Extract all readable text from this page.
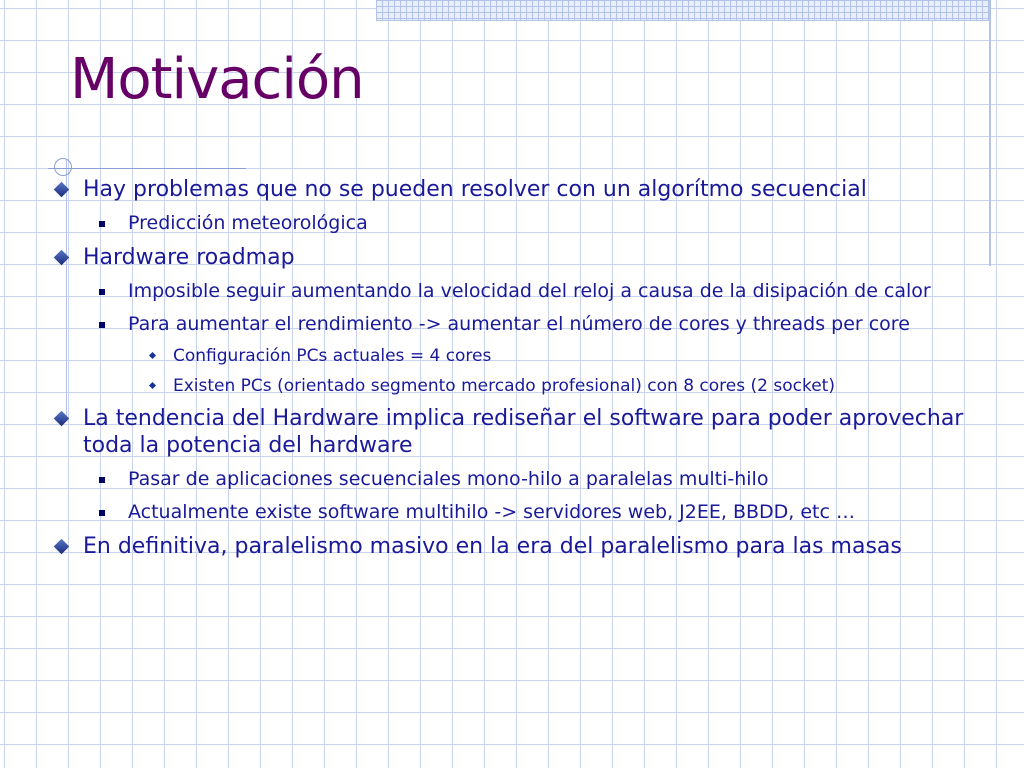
Motivación
Hay problemas que no se pueden resolver con un algorítmo secuencial
Predicción meteorológica
Hardware roadmap
Imposible seguir aumentando la velocidad del reloj a causa de la disipación de calor
Para aumentar el rendimiento -> aumentar el número de cores y threads per core
Configuración PCs actuales = 4 cores
Existen PCs (orientado segmento mercado profesional) con 8 cores (2 socket)
La tendencia del Hardware implica rediseñar el software para poder aprovechar toda la potencia del hardware
Pasar de aplicaciones secuenciales mono-hilo a paralelas multi-hilo
Actualmente existe software multihilo -> servidores web, J2EE, BBDD, etc …
En definitiva, paralelismo masivo en la era del paralelismo para las masas
